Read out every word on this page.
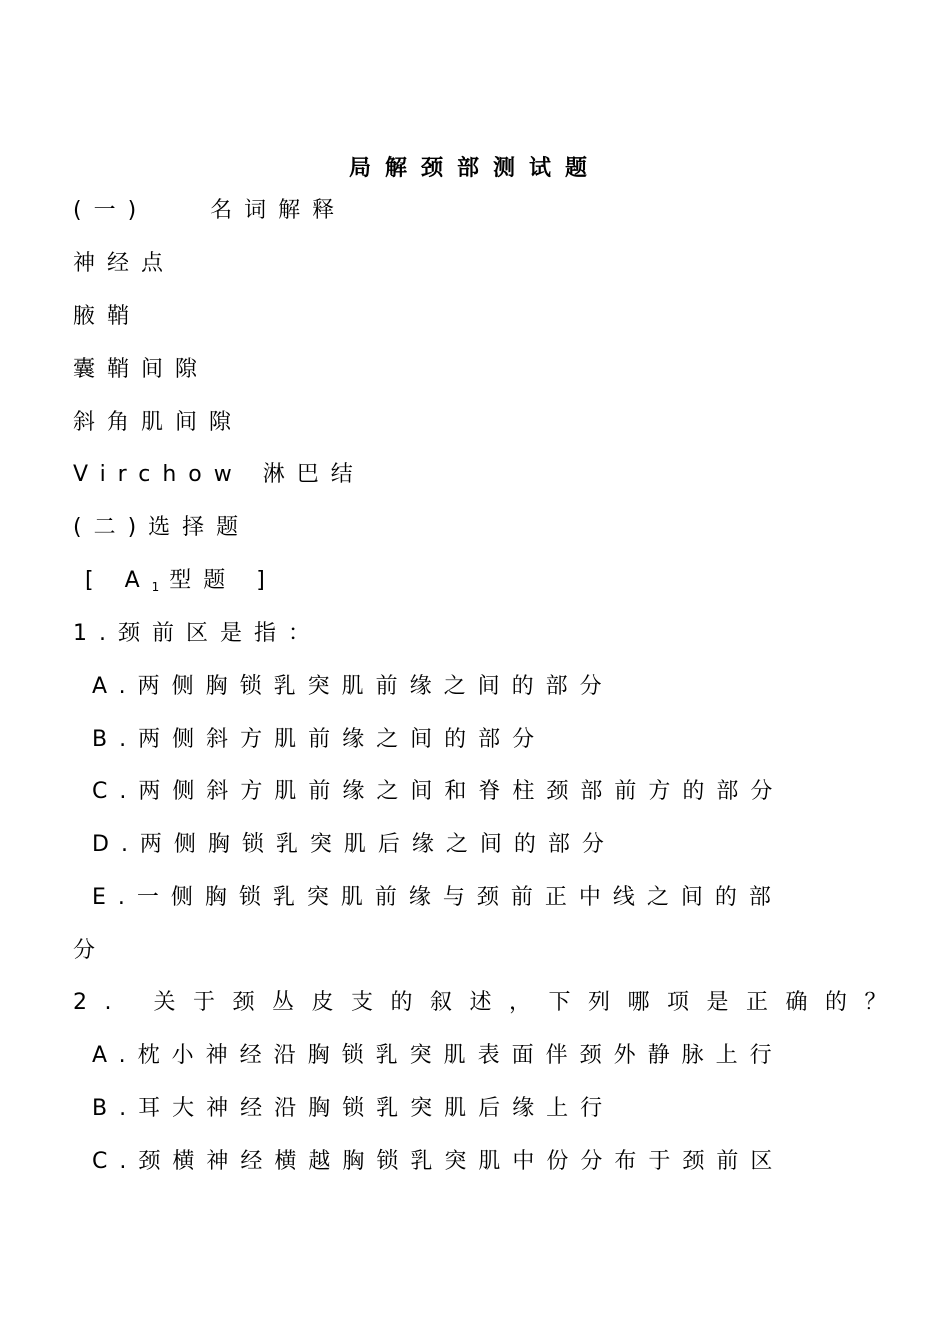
局解颈部测试题
(一)	名词解释
神经点
腋鞘
囊鞘间隙
斜角肌间隙
Virchow 淋巴结
(二)选择题
[ $A_1$ 型题 ]
1.颈前区是指：
A.两侧胸锁乳突肌前缘之间的部分
B.两侧斜方肌前缘之间的部分
C.两侧斜方肌前缘之间和脊柱颈部前方的部分
D.两侧胸锁乳突肌后缘之间的部分
E.一侧胸锁乳突肌前缘与颈前正中线之间的部
分
2. 关于颈丛皮支的叙述，下列哪项是正确的？
A.枕小神经沿胸锁乳突肌表面伴颈外静脉上行
B.耳大神经沿胸锁乳突肌后缘上行
C.颈横神经横越胸锁乳突肌中份分布于颈前区
